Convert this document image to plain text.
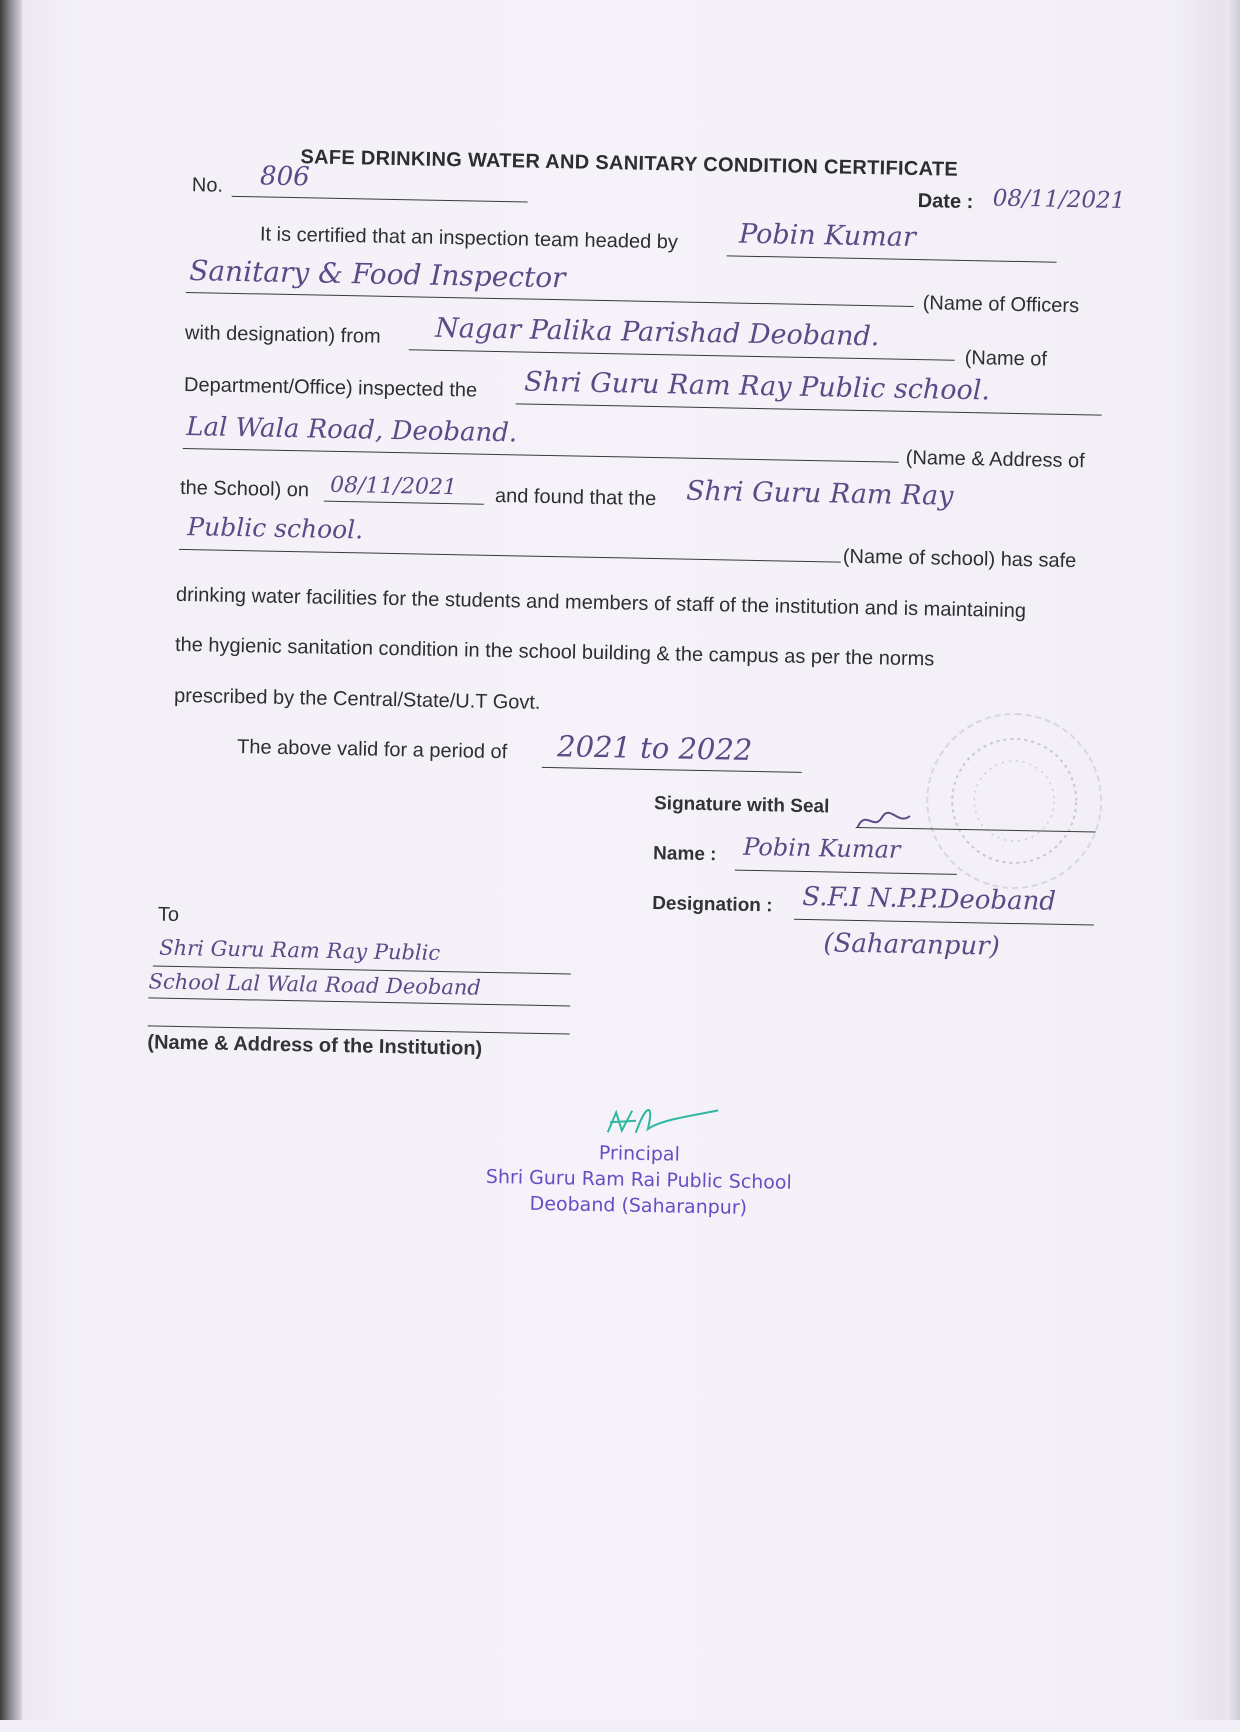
SAFE DRINKING WATER AND SANITARY CONDITION CERTIFICATE
No. 806
Date : 08/11/2021
It is certified that an inspection team headed by Pobin Kumar
Sanitary & Food Inspector
(Name of Officers
with designation) from Nagar Palika Parishad Deoband.
(Name of
Department/Office) inspected the Shri Guru Ram Ray Public school.
Lal Wala Road, Deoband.
(Name & Address of
the School) on 08/11/2021 and found that the Shri Guru Ram Ray
Public school.
(Name of school) has safe
drinking water facilities for the students and members of staff of the institution and is maintaining
the hygienic sanitation condition in the school building & the campus as per the norms
prescribed by the Central/State/U.T Govt.
The above valid for a period of 2021 to 2022
Signature with Seal
Name : Pobin Kumar
Designation : S.F.I N.P.P.Deoband
(Saharanpur)
To
Shri Guru Ram Ray Public
School Lal Wala Road Deoband
(Name & Address of the Institution)
Principal
Shri Guru Ram Rai Public School
Deoband (Saharanpur)
